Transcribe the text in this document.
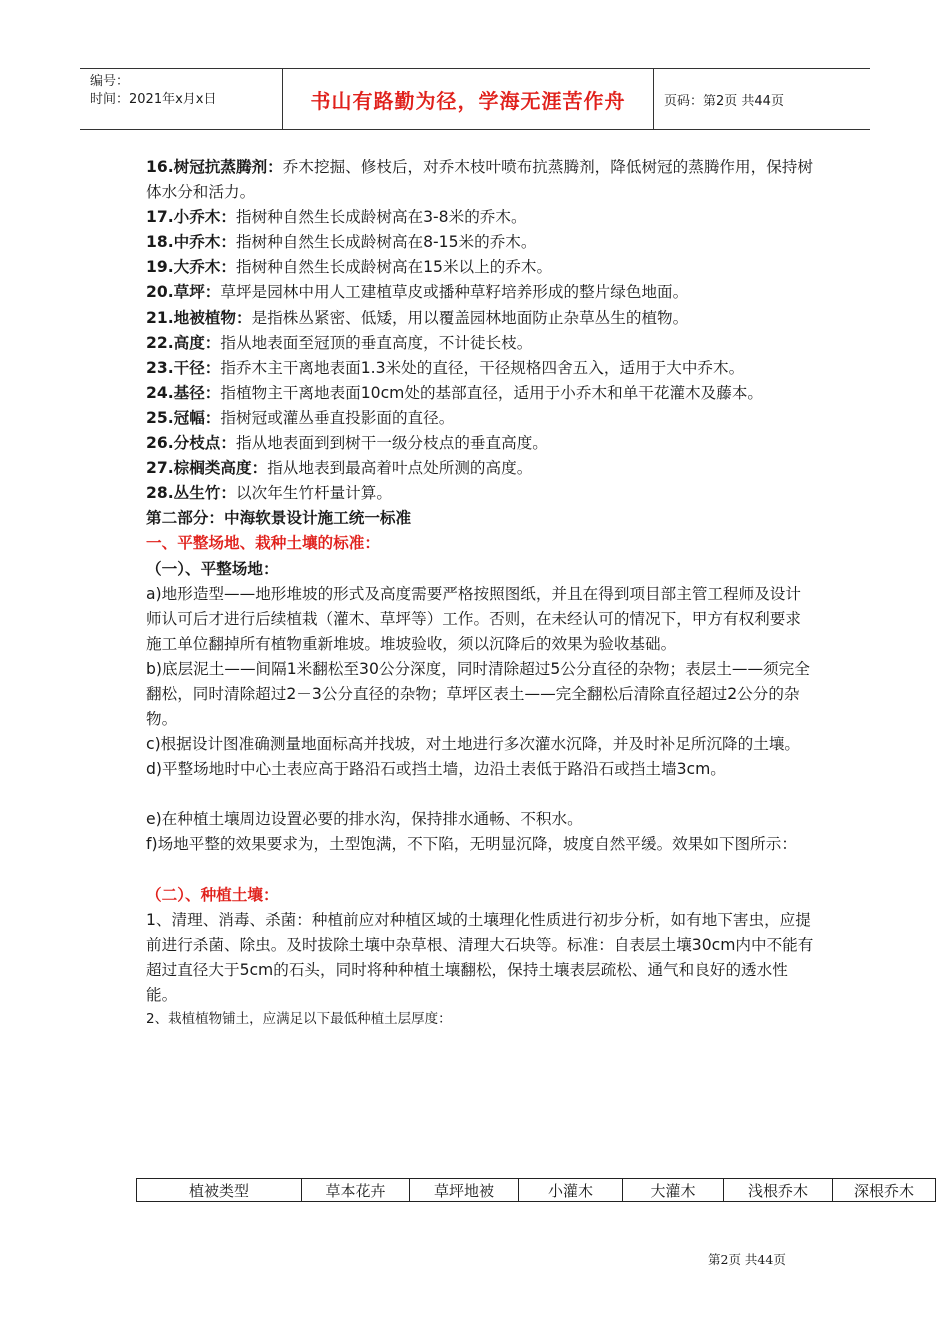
编号：
时间：2021年x月x日	书山有路勤为径，学海无涯苦作舟	页码：第2页 共44页

16.树冠抗蒸腾剂：乔木挖掘、修枝后，对乔木枝叶喷布抗蒸腾剂，降低树冠的蒸腾作用，保持树体水分和活力。

17.小乔木：指树种自然生长成龄树高在3-8米的乔木。

18.中乔木：指树种自然生长成龄树高在8-15米的乔木。

19.大乔木：指树种自然生长成龄树高在15米以上的乔木。

20.草坪：草坪是园林中用人工建植草皮或播种草籽培养形成的整片绿色地面。

21.地被植物：是指株丛紧密、低矮，用以覆盖园林地面防止杂草丛生的植物。

22.高度：指从地表面至冠顶的垂直高度，不计徒长枝。

23.干径：指乔木主干离地表面1.3米处的直径，干径规格四舍五入，适用于大中乔木。

24.基径：指植物主干离地表面10cm处的基部直径，适用于小乔木和单干花灌木及藤本。

25.冠幅：指树冠或灌丛垂直投影面的直径。

26.分枝点：指从地表面到到树干一级分枝点的垂直高度。

27.棕榈类高度：指从地表到最高着叶点处所测的高度。

28.丛生竹：以次年生竹杆量计算。

第二部分：中海软景设计施工统一标准

一、平整场地、栽种土壤的标准：

（一）、平整场地：

a)地形造型——地形堆坡的形式及高度需要严格按照图纸，并且在得到项目部主管工程师及设计师认可后才进行后续植栽（灌木、草坪等）工作。否则，在未经认可的情况下，甲方有权利要求施工单位翻掉所有植物重新堆坡。堆坡验收，须以沉降后的效果为验收基础。

b)底层泥土——间隔1米翻松至30公分深度，同时清除超过5公分直径的杂物；表层土——须完全翻松，同时清除超过2－3公分直径的杂物；草坪区表土——完全翻松后清除直径超过2公分的杂物。

c)根据设计图准确测量地面标高并找坡，对土地进行多次灌水沉降，并及时补足所沉降的土壤。

d)平整场地时中心土表应高于路沿石或挡土墙，边沿土表低于路沿石或挡土墙3cm。

e)在种植土壤周边设置必要的排水沟，保持排水通畅、不积水。

f)场地平整的效果要求为，土型饱满，不下陷，无明显沉降，坡度自然平缓。效果如下图所示：

（二）、种植土壤：

1、清理、消毒、杀菌：种植前应对种植区域的土壤理化性质进行初步分析，如有地下害虫，应提前进行杀菌、除虫。及时拔除土壤中杂草根、清理大石块等。标准：自表层土壤30cm内中不能有超过直径大于5cm的石头，同时将种种植土壤翻松，保持土壤表层疏松、通气和良好的透水性能。

2、栽植植物铺土，应满足以下最低种植土层厚度：

植被类型	草本花卉	草坪地被	小灌木	大灌木	浅根乔木	深根乔木
第2页 共44页
